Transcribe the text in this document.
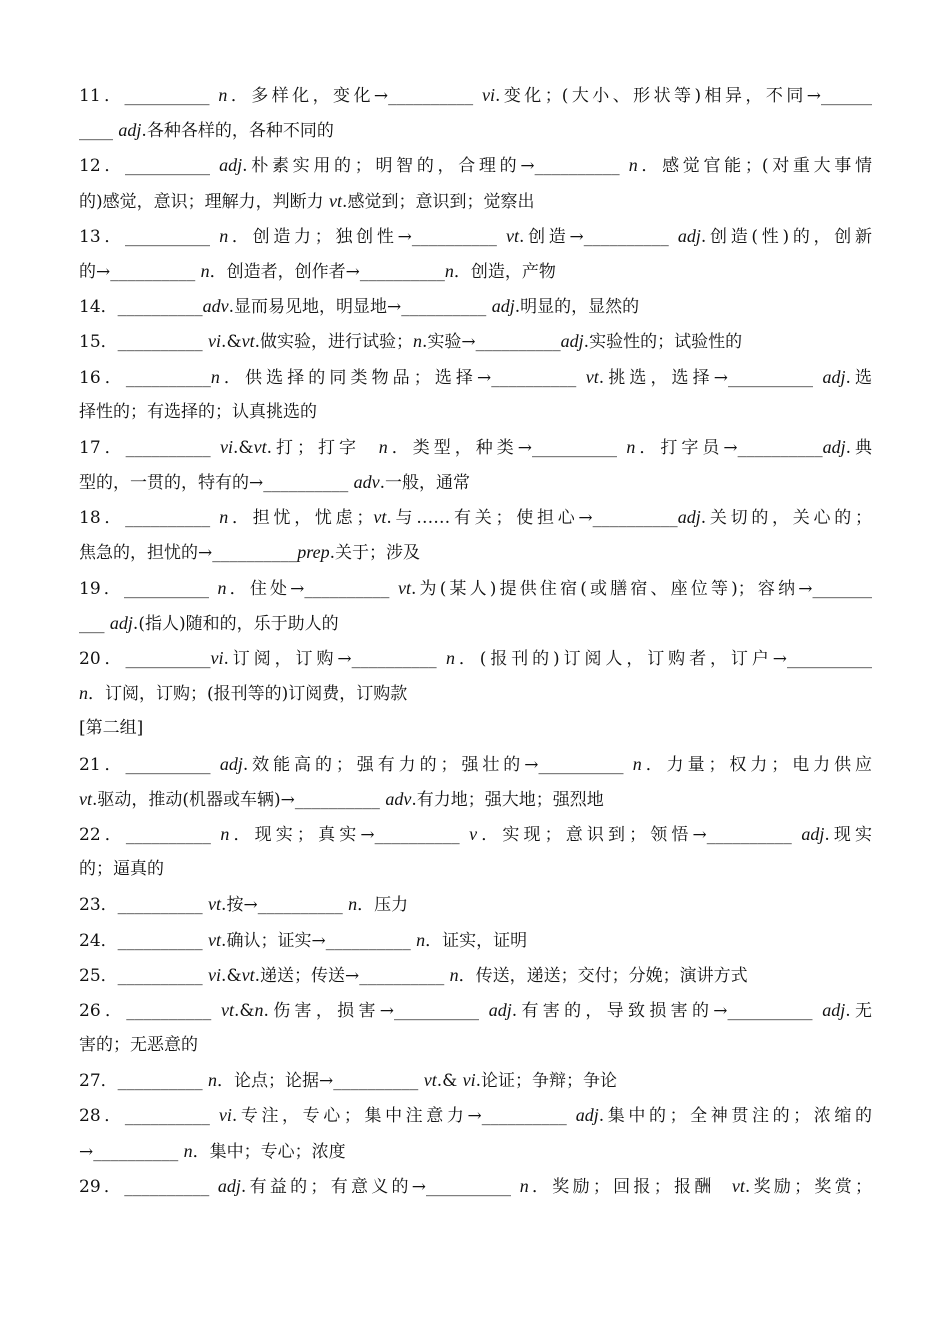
11．__________ n．多样化，变化→__________ vi.变化；(大小、形状等)相异，不同→______
____ adj.各种各样的，各种不同的
12．__________ adj.朴素实用的；明智的，合理的→__________ n．感觉官能；(对重大事情
的)感觉，意识；理解力，判断力 vt.感觉到；意识到；觉察出
13．__________ n．创造力；独创性→__________ vt.创造→__________ adj.创造(性)的，创新
的→__________ n．创造者，创作者→__________n．创造，产物
14．__________adv.显而易见地，明显地→__________ adj.明显的，显然的
15．__________ vi.&vt.做实验，进行试验；n.实验→__________adj.实验性的；试验性的
16．__________n．供选择的同类物品；选择→__________ vt.挑选，选择→__________ adj.选
择性的；有选择的；认真挑选的
17．__________ vi.&vt.打；打字  n．类型，种类→__________ n．打字员→__________adj.典
型的，一贯的，特有的→__________ adv.一般，通常
18．__________ n．担忧，忧虑；vt.与……有关；使担心→__________adj.关切的，关心的；
焦急的，担忧的→__________prep.关于；涉及
19．__________ n．住处→__________ vt.为(某人)提供住宿(或膳宿、座位等)；容纳→_______
___ adj.(指人)随和的，乐于助人的
20．__________vi.订阅，订购→__________ n．(报刊的)订阅人，订购者，订户→__________
n．订阅，订购；(报刊等的)订阅费，订购款
[第二组]
21．__________ adj.效能高的；强有力的；强壮的→__________ n．力量；权力；电力供应
vt.驱动，推动(机器或车辆)→__________ adv.有力地；强大地；强烈地
22．__________ n．现实；真实→__________ v．实现；意识到；领悟→__________ adj.现实
的；逼真的
23．__________ vt.按→__________ n．压力
24．__________ vt.确认；证实→__________ n．证实，证明
25．__________ vi.&vt.递送；传送→__________ n．传送，递送；交付；分娩；演讲方式
26．__________ vt.&n.伤害，损害→__________ adj.有害的，导致损害的→__________ adj.无
害的；无恶意的
27．__________ n．论点；论据→__________ vt.& vi.论证；争辩；争论
28．__________ vi.专注，专心；集中注意力→__________ adj.集中的；全神贯注的；浓缩的
→__________ n．集中；专心；浓度
29．__________ adj.有益的；有意义的→__________ n．奖励；回报；报酬  vt.奖励；奖赏；
